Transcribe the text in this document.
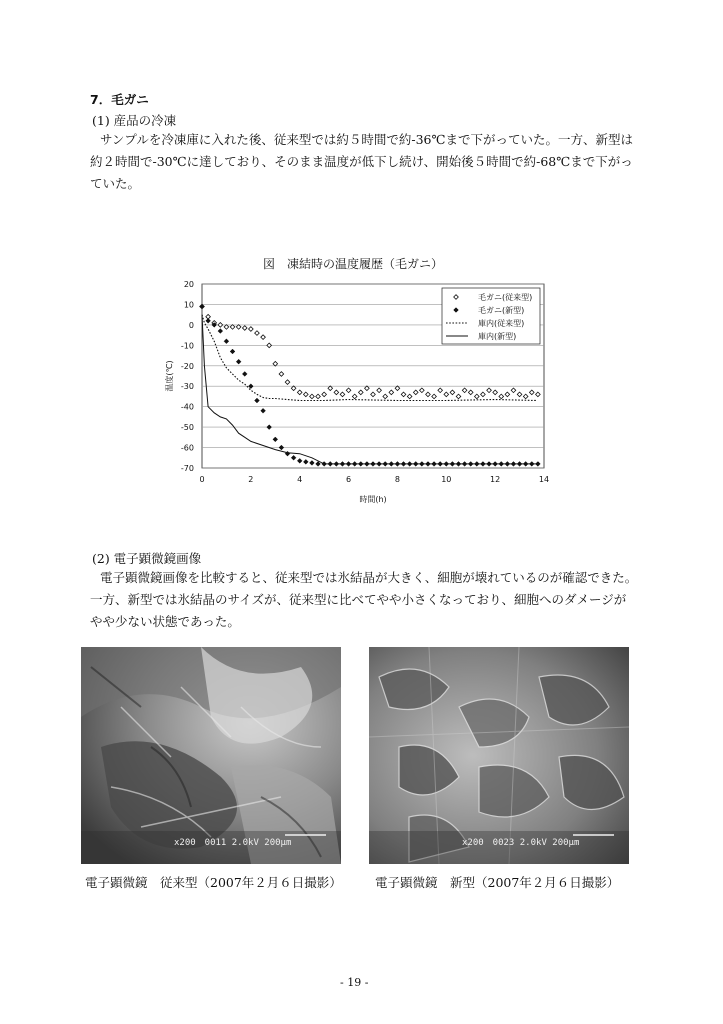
7．毛ガニ
(1) 産品の冷凍
サンプルを冷凍庫に入れた後、従来型では約５時間で約-36℃まで下がっていた。一方、新型は
約２時間で-30℃に達しており、そのまま温度が低下し続け、開始後５時間で約-68℃まで下がっ
ていた。
図　凍結時の温度履歴（毛ガニ）
20
10
0
-10
-20
-30
-40
-50
-60
-70
0	2	4	6	8	10	12	14
毛ガニ(従来型)
毛ガニ(新型)
庫内(従来型)
庫内(新型)
温度(℃)
時間(h)
(2) 電子顕微鏡画像
電子顕微鏡画像を比較すると、従来型では氷結晶が大きく、細胞が壊れているのが確認できた。
一方、新型では氷結晶のサイズが、従来型に比べてやや小さくなっており、細胞へのダメージが
やや少ない状態であった。
x200　0011 2.0kV 200μm
電子顕微鏡　従来型（2007年２月６日撮影）
x200　0023 2.0kV 200μm
電子顕微鏡　新型（2007年２月６日撮影）
- 19 -
